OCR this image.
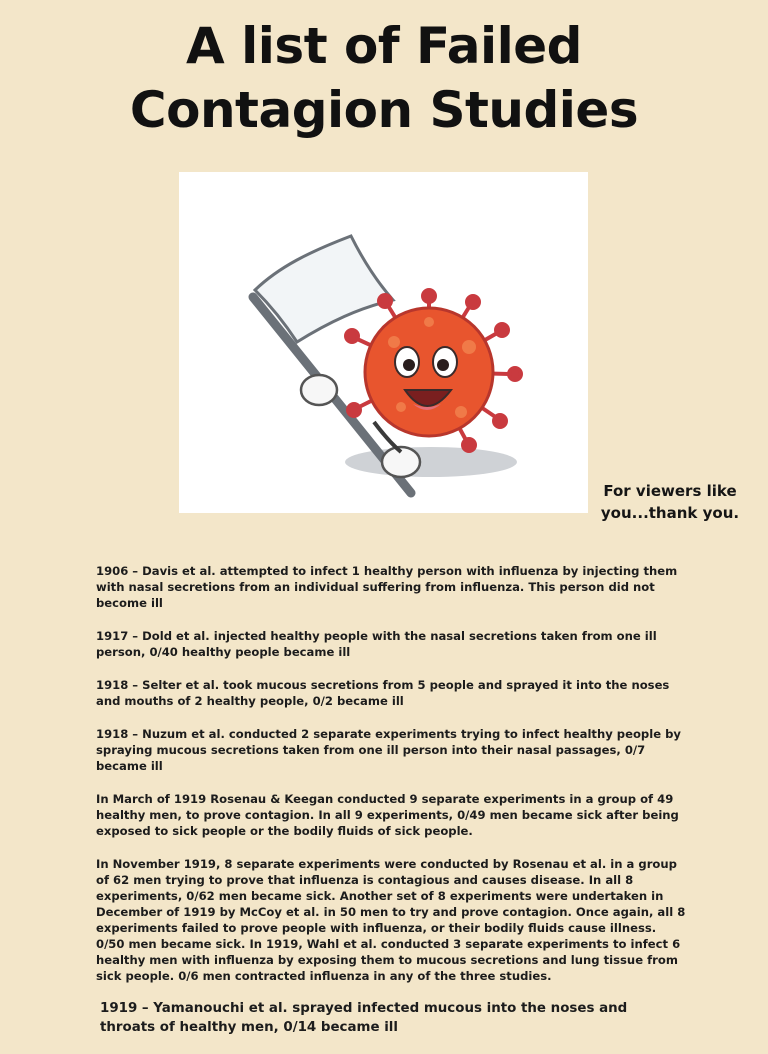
A list of Failed
Contagion Studies
For viewers like
you...thank you.

1906 – Davis et al. attempted to infect 1 healthy person with influenza by injecting them with nasal secretions from an individual suffering from influenza. This person did not become ill

1917 – Dold et al. injected healthy people with the nasal secretions taken from one ill person, 0/40 healthy people became ill

1918 – Selter et al. took mucous secretions from 5 people and sprayed it into the noses and mouths of 2 healthy people, 0/2 became ill

1918 – Nuzum et al. conducted 2 separate experiments trying to infect healthy people by spraying mucous secretions taken from one ill person into their nasal passages, 0/7 became ill

In March of 1919 Rosenau & Keegan conducted 9 separate experiments in a group of 49 healthy men, to prove contagion. In all 9 experiments, 0/49 men became sick after being exposed to sick people or the bodily fluids of sick people.

In November 1919, 8 separate experiments were conducted by Rosenau et al. in a group of 62 men trying to prove that influenza is contagious and causes disease. In all 8 experiments, 0/62 men became sick. Another set of 8 experiments were undertaken in December of 1919 by McCoy et al. in 50 men to try and prove contagion. Once again, all 8 experiments failed to prove people with influenza, or their bodily fluids cause illness. 0/50 men became sick. In 1919, Wahl et al. conducted 3 separate experiments to infect 6 healthy men with influenza by exposing them to mucous secretions and lung tissue from sick people. 0/6 men contracted influenza in any of the three studies.

1919 – Yamanouchi et al. sprayed infected mucous into the noses and throats of healthy men, 0/14 became ill
